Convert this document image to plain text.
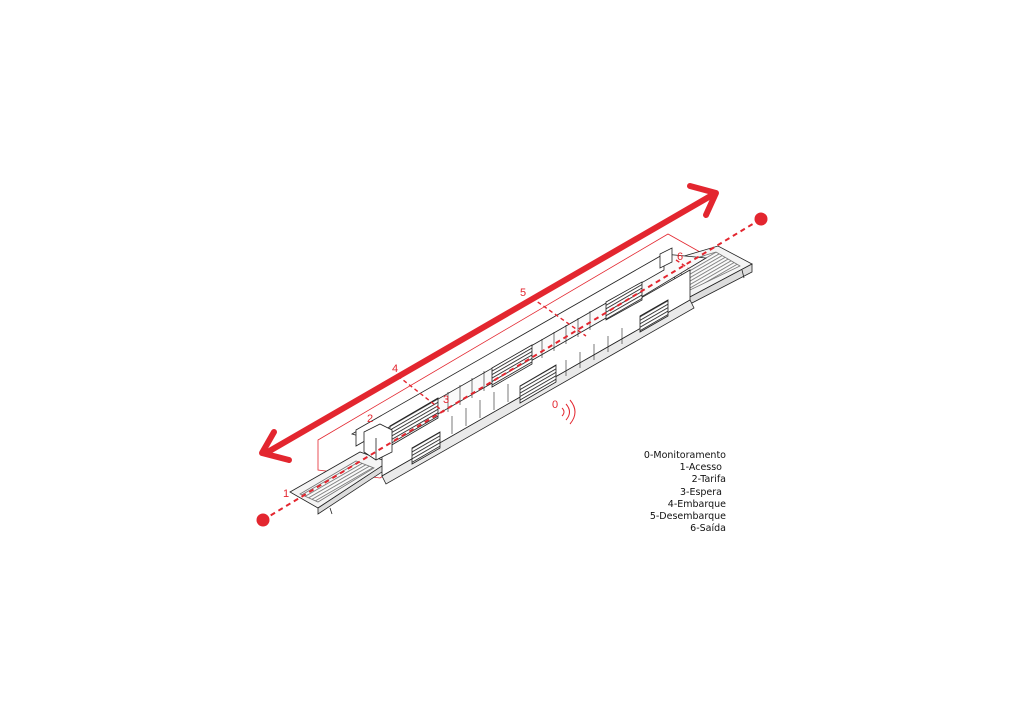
0
1
2
3
4
5
6
0-Monitoramento
1-Acesso
2-Tarifa
3-Espera
4-Embarque
5-Desembarque
6-Saída
